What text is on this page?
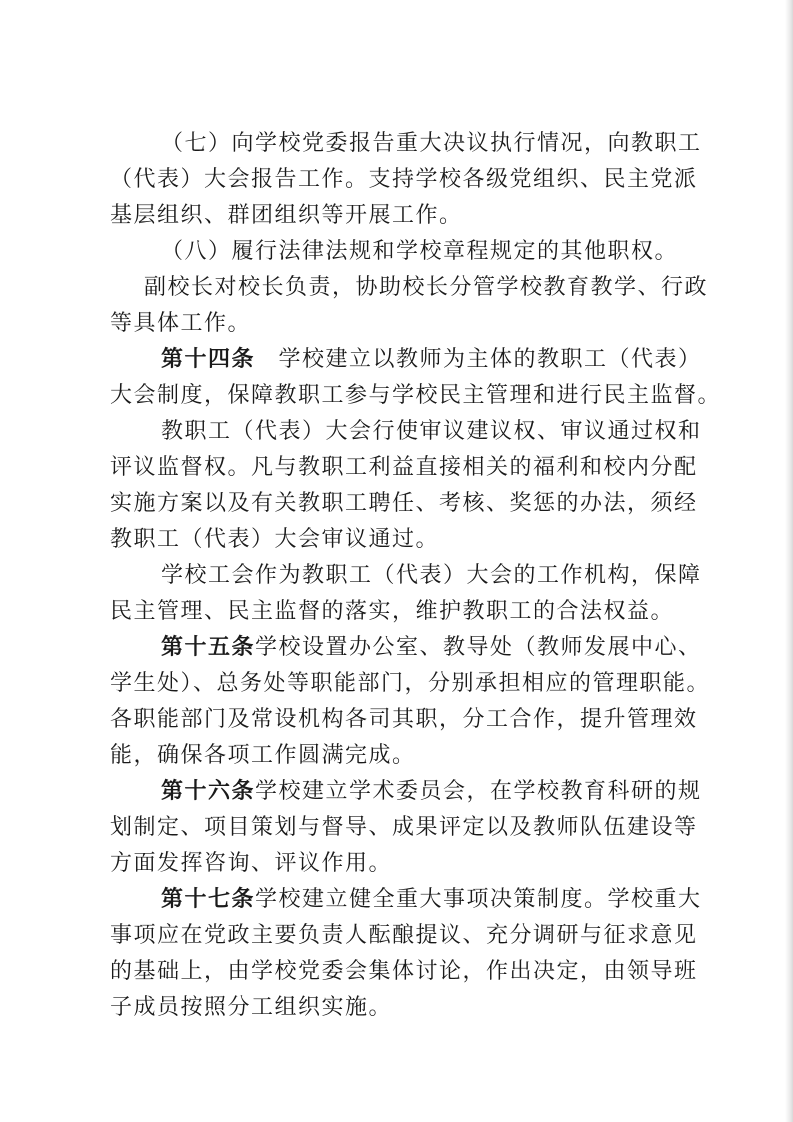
（七）向学校党委报告重大决议执行情况，向教职工
（代表）大会报告工作。支持学校各级党组织、民主党派
基层组织、群团组织等开展工作。
（八）履行法律法规和学校章程规定的其他职权。
副校长对校长负责，协助校长分管学校教育教学、行政
等具体工作。
第十四条　学校建立以教师为主体的教职工（代表）
大会制度，保障教职工参与学校民主管理和进行民主监督。
教职工（代表）大会行使审议建议权、审议通过权和
评议监督权。凡与教职工利益直接相关的福利和校内分配
实施方案以及有关教职工聘任、考核、奖惩的办法，须经
教职工（代表）大会审议通过。
学校工会作为教职工（代表）大会的工作机构，保障
民主管理、民主监督的落实，维护教职工的合法权益。
第十五条学校设置办公室、教导处（教师发展中心、
学生处）、总务处等职能部门，分别承担相应的管理职能。
各职能部门及常设机构各司其职，分工合作，提升管理效
能，确保各项工作圆满完成。
第十六条学校建立学术委员会，在学校教育科研的规
划制定、项目策划与督导、成果评定以及教师队伍建设等
方面发挥咨询、评议作用。
第十七条学校建立健全重大事项决策制度。学校重大
事项应在党政主要负责人酝酿提议、充分调研与征求意见
的基础上，由学校党委会集体讨论，作出决定，由领导班
子成员按照分工组织实施。
